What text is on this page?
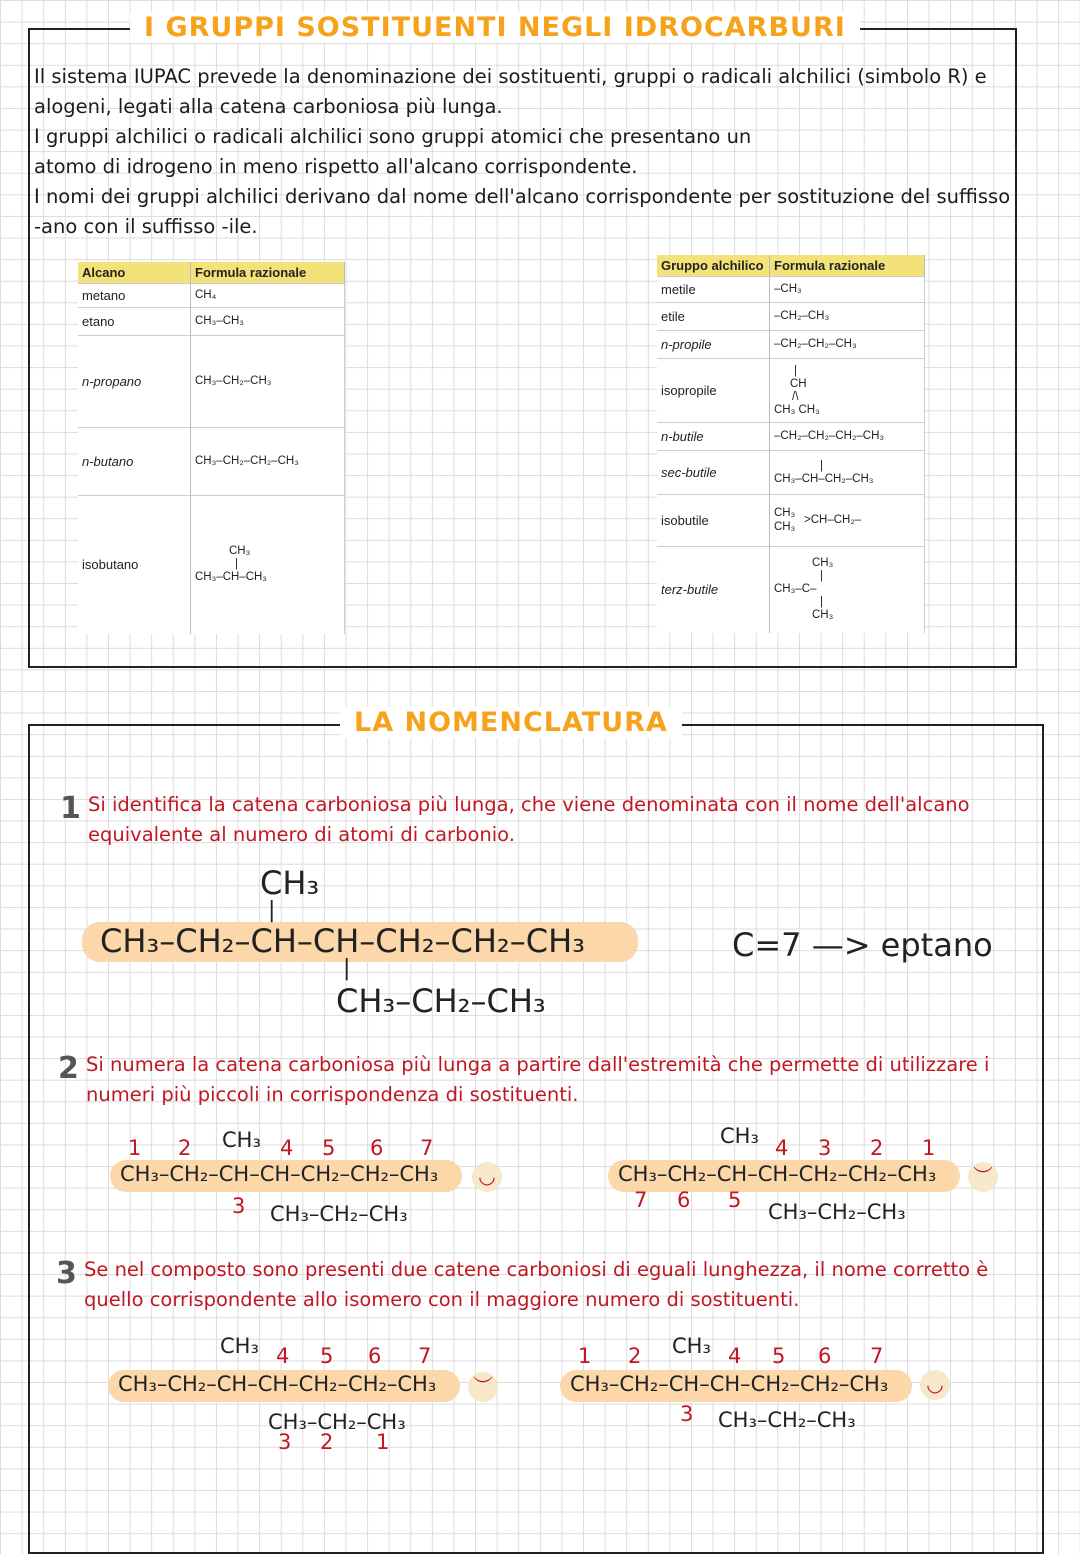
I GRUPPI SOSTITUENTI NEGLI IDROCARBURI

Il sistema IUPAC prevede la denominazione dei sostituenti, gruppi o radicali alchilici (simbolo R) e alogeni, legati alla catena carboniosa più lunga.

I gruppi alchilici o radicali alchilici sono gruppi atomici che presentano un atomo di idrogeno in meno rispetto all'alcano corrispondente.

I nomi dei gruppi alchilici derivano dal nome dell'alcano corrispondente per sostituzione del suffisso -ano con il suffisso -ile.

Alcano	Formula razionale
metano	CH₄
etano	CH₃–CH₃
n-propano	CH₃–CH₂–CH₃
n-butano	CH₃–CH₂–CH₂–CH₃
isobutano	CH₃
|
CH₃–CH–CH₃
Gruppo alchilico	Formula razionale
metile	–CH₃
etile	–CH₂–CH₃
n-propile	–CH₂–CH₂–CH₃
isopropile	|
CH
/\
CH₃ CH₃

n-butile	–CH₂–CH₂–CH₂–CH₃
sec-butile	|
CH₃–CH–CH₂–CH₃

isobutile	CH₃
>CH–CH₂–
CH₃

terz-butile	CH₃
|
CH₃–C–
|
CH₃
LA NOMENCLATURA
1 Si identifica la catena carboniosa più lunga, che viene denominata con il nome dell'alcano equivalente al numero di atomi di carbonio.
CH₃
|
CH₃–CH₂–CH–CH–CH₂–CH₂–CH₃
|
CH₃–CH₂–CH₃
C=7 —> eptano
2 Si numera la catena carboniosa più lunga a partire dall'estremità che permette di utilizzare i numeri più piccoli in corrispondenza di sostituenti.
1 2 CH₃ 4 5 6 7
CH₃–CH₂–CH–CH–CH₂–CH₂–CH₃
3 CH₃–CH₂–CH₃
◡
CH₃ 4 3 2 1
CH₃–CH₂–CH–CH–CH₂–CH₂–CH₃
7 6 5 CH₃–CH₂–CH₃
︶
3 Se nel composto sono presenti due catene carboniosi di eguali lunghezza, il nome corretto è quello corrispondente allo isomero con il maggiore numero di sostituenti.
CH₃ 4 5 6 7
CH₃–CH₂–CH–CH–CH₂–CH₂–CH₃
CH₃–CH₂–CH₃
3 2 1
︶
1 2 CH₃ 4 5 6 7
CH₃–CH₂–CH–CH–CH₂–CH₂–CH₃
3 CH₃–CH₂–CH₃
◡
